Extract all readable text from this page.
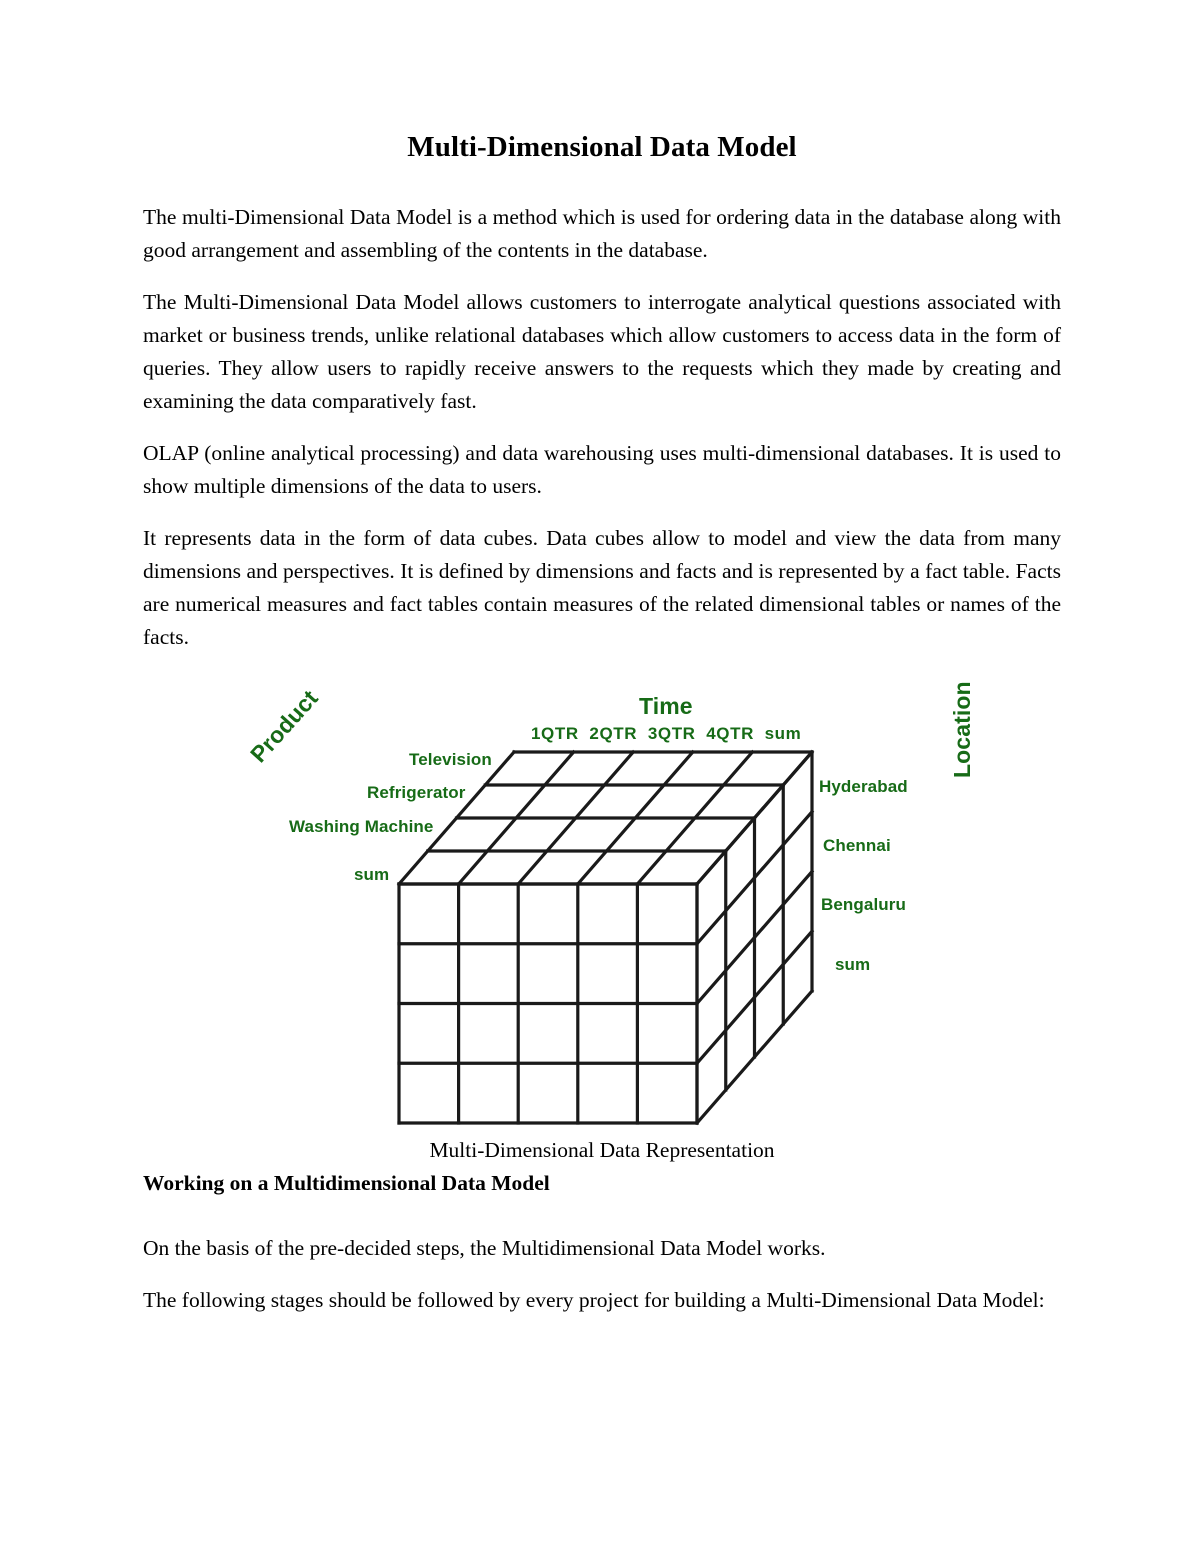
Multi-Dimensional Data Model

The multi-Dimensional Data Model is a method which is used for ordering data in the database along with good arrangement and assembling of the contents in the database.

The Multi-Dimensional Data Model allows customers to interrogate analytical questions associated with market or business trends, unlike relational databases which allow customers to access data in the form of queries. They allow users to rapidly receive answers to the requests which they made by creating and examining the data comparatively fast.

OLAP (online analytical processing) and data warehousing uses multi-dimensional databases. It is used to show multiple dimensions of the data to users.

It represents data in the form of data cubes. Data cubes allow to model and view the data from many dimensions and perspectives. It is defined by dimensions and facts and is represented by a fact table. Facts are numerical measures and fact tables contain measures of the related dimensional tables or names of the facts.

Time
1QTR 2QTR 3QTR 4QTR sum
Product	Television
Refrigerator
Washing Machine
sum
Location
Hyderabad
Chennai
Bengaluru
sum
Multi-Dimensional Data Representation
Working on a Multidimensional Data Model

On the basis of the pre-decided steps, the Multidimensional Data Model works.

The following stages should be followed by every project for building a Multi-Dimensional Data Model:
